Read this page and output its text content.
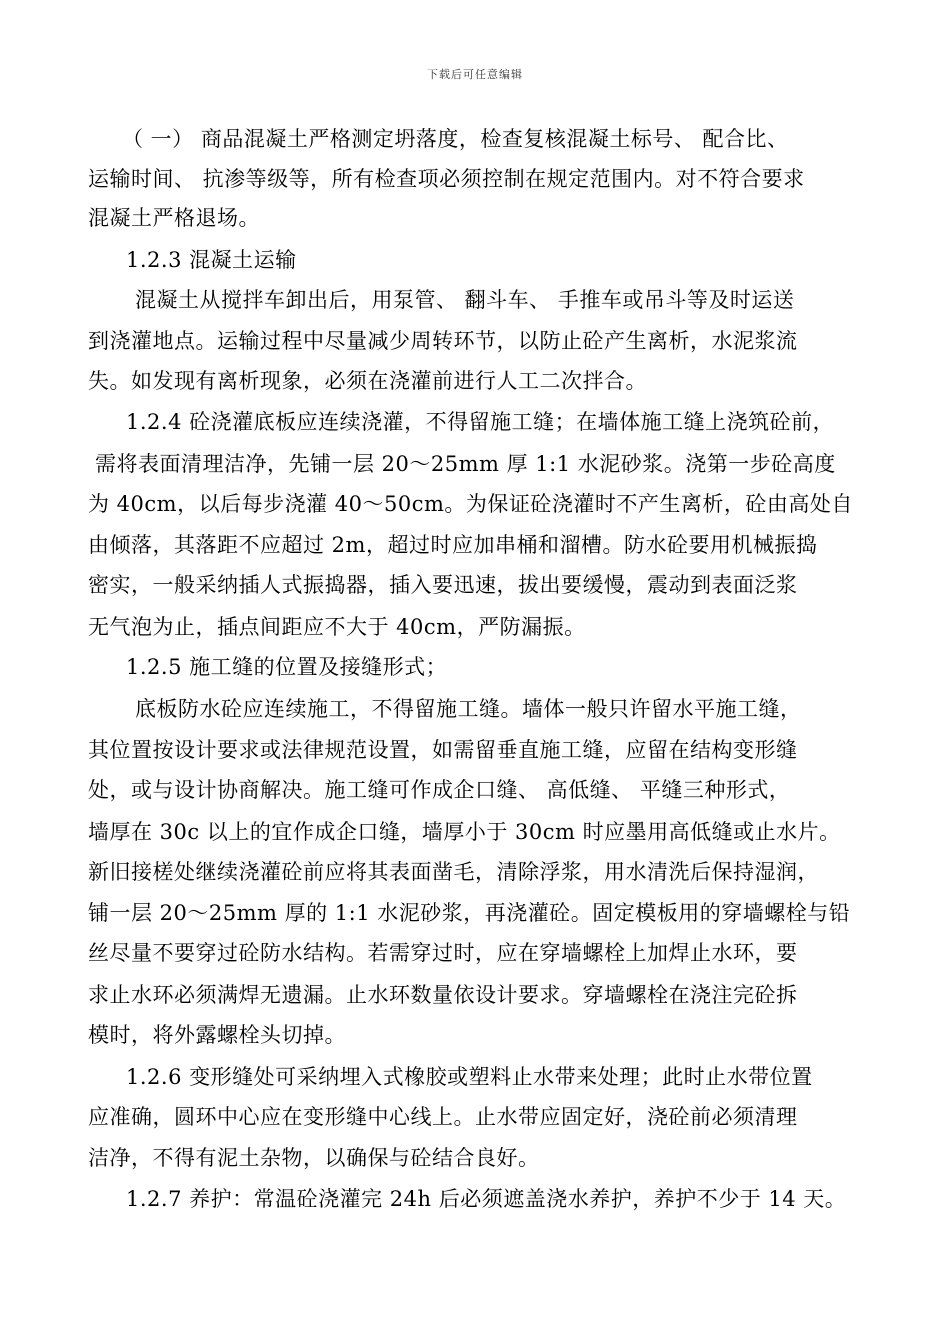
下载后可任意编辑
（ 一） 商品混凝土严格测定坍落度，检查复核混凝土标号、 配合比、
运输时间、 抗渗等级等，所有检查项必须控制在规定范围内。对不符合要求
混凝土严格退场。
1.2.3 混凝土运输
混凝土从搅拌车卸出后，用泵管、 翻斗车、 手推车或吊斗等及时运送
到浇灌地点。运输过程中尽量减少周转环节，以防止砼产生离析，水泥浆流
失。如发现有离析现象，必须在浇灌前进行人工二次拌合。
1.2.4 砼浇灌底板应连续浇灌，不得留施工缝；在墙体施工缝上浇筑砼前，
需将表面清理洁净，先铺一层 20～25mm 厚 1:1 水泥砂浆。浇第一步砼高度
为 40cm，以后每步浇灌 40～50cm。为保证砼浇灌时不产生离析，砼由高处自
由倾落，其落距不应超过 2m，超过时应加串桶和溜槽。防水砼要用机械振捣
密实，一般采纳插人式振捣器，插入要迅速，拔出要缓慢，震动到表面泛浆
无气泡为止，插点间距应不大于 40cm，严防漏振。
1.2.5 施工缝的位置及接缝形式；
底板防水砼应连续施工，不得留施工缝。墙体一般只许留水平施工缝，
其位置按设计要求或法律规范设置，如需留垂直施工缝，应留在结构变形缝
处，或与设计协商解决。施工缝可作成企口缝、 高低缝、 平缝三种形式，
墙厚在 30c 以上的宜作成企口缝，墙厚小于 30cm 时应墨用高低缝或止水片。
新旧接槎处继续浇灌砼前应将其表面凿毛，清除浮浆，用水清洗后保持湿润，
铺一层 20～25mm 厚的 1:1 水泥砂浆，再浇灌砼。固定模板用的穿墙螺栓与铅
丝尽量不要穿过砼防水结构。若需穿过时，应在穿墙螺栓上加焊止水环，要
求止水环必须满焊无遗漏。止水环数量依设计要求。穿墙螺栓在浇注完砼拆
模时，将外露螺栓头切掉。
1.2.6 变形缝处可采纳埋入式橡胶或塑料止水带来处理；此时止水带位置
应准确，圆环中心应在变形缝中心线上。止水带应固定好，浇砼前必须清理
洁净，不得有泥土杂物，以确保与砼结合良好。
1.2.7 养护：常温砼浇灌完 24h 后必须遮盖浇水养护，养护不少于 14 天。
